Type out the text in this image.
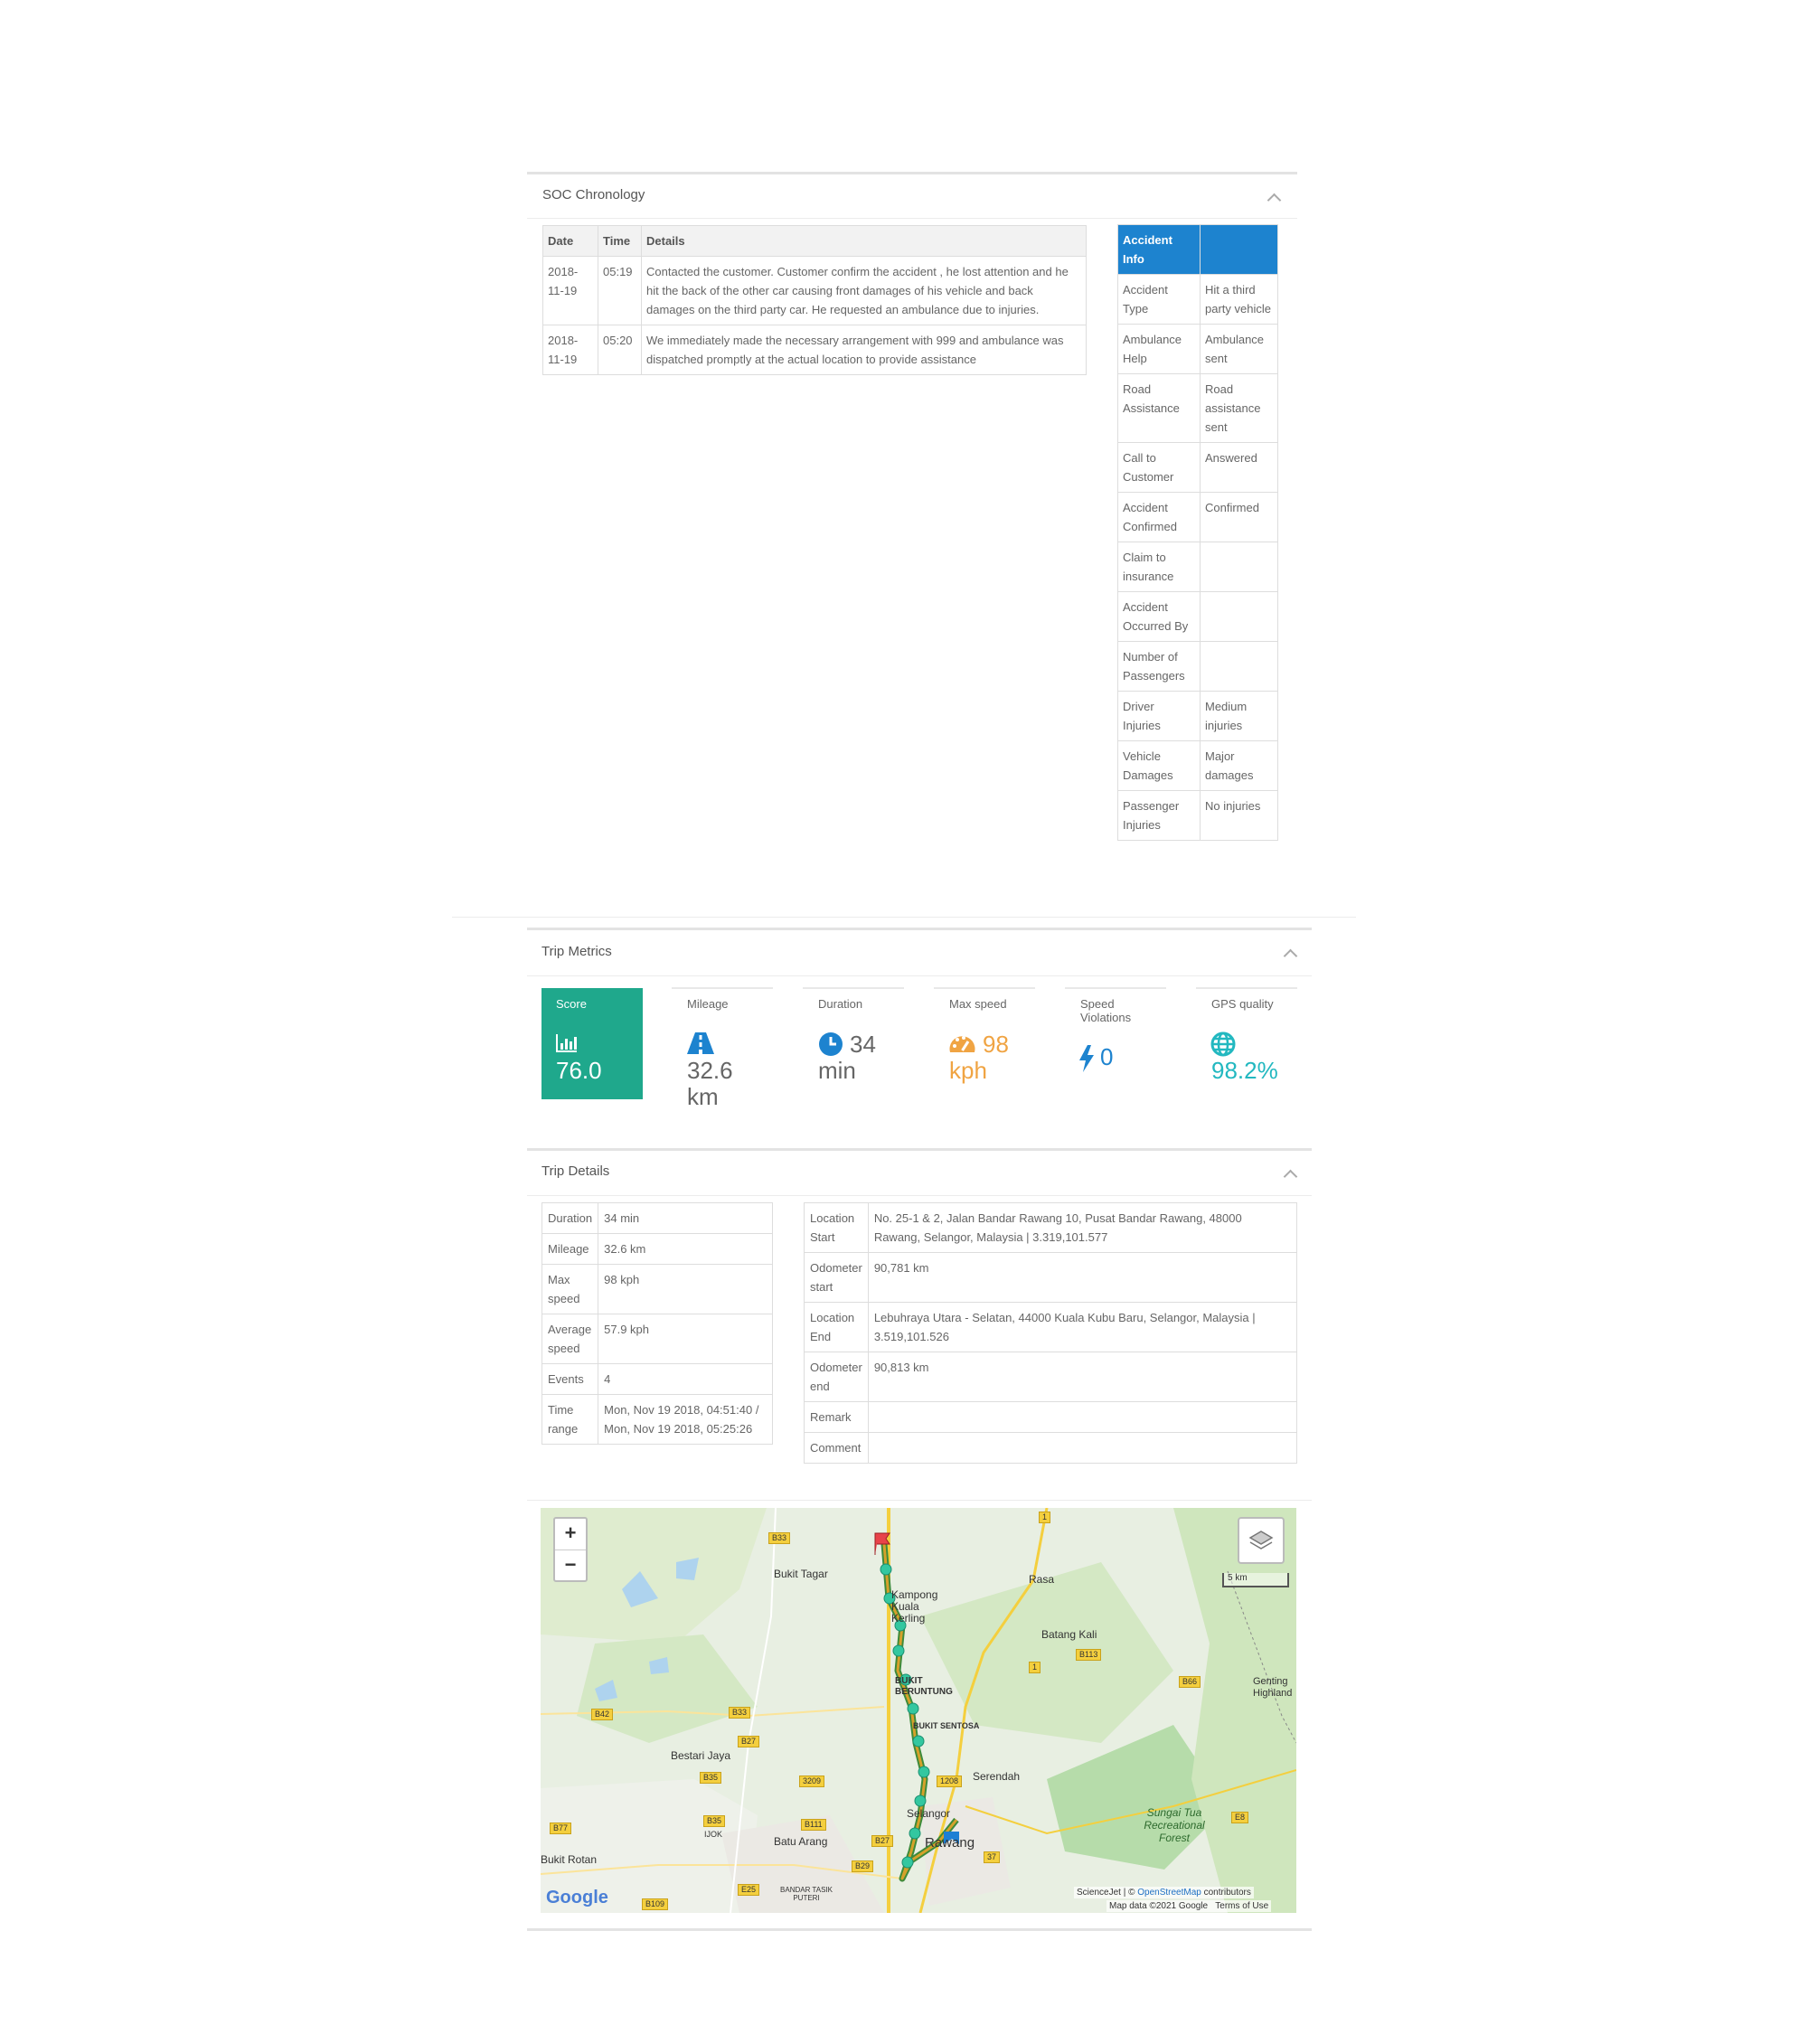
SOC Chronology
Date	Time	Details
2018-11-19	05:19	Contacted the customer. Customer confirm the accident , he lost attention and he hit the back of the other car causing front damages of his vehicle and back damages on the third party car. He requested an ambulance due to injuries.
2018-11-19	05:20	We immediately made the necessary arrangement with 999 and ambulance was dispatched promptly at the actual location to provide assistance
Accident Info	
Accident Type	Hit a third party vehicle
Ambulance Help	Ambulance sent
Road Assistance	Road assistance sent
Call to Customer	Answered
Accident Confirmed	Confirmed
Claim to insurance	
Accident Occurred By	
Number of Passengers	
Driver Injuries	Medium injuries
Vehicle Damages	Major damages
Passenger Injuries	No injuries
Trip Metrics
Score
76.0
Mileage
32.6
km
Duration
34
min
Max speed
98
kph
Speed Violations
0
GPS quality
98.2%
Trip Details
Duration	34 min
Mileage	32.6 km
Max speed	98 kph
Average speed	57.9 kph
Events	4
Time range	Mon, Nov 19 2018, 04:51:40 / Mon, Nov 19 2018, 05:25:26
Location Start	No. 25-1 & 2, Jalan Bandar Rawang 10, Pusat Bandar Rawang, 48000 Rawang, Selangor, Malaysia | 3.319,101.577
Odometer start	90,781 km
Location End	Lebuhraya Utara - Selatan, 44000 Kuala Kubu Baru, Selangor, Malaysia | 3.519,101.526
Odometer end	90,813 km
Remark	
Comment	
+
−
5 km
Bukit Tagar
Kampong Kuala Kerling
Rasa
Batang Kali
BUKIT BERUNTUNG
BUKIT SENTOSA
Bestari Jaya
Serendah
Selangor
Rawang
Bukit Rotan
Batu Arang
IJOK
BANDAR TASIK PUTERI
Sungai Tua Recreational Forest
Genting Highland
B33
B42	B33
B27
B35	3209
B77
B35	B111
B27
B29
E25
B109
1
B113
1
B66
1208
37
E8
Google	ScienceJet | © OpenStreetMap contributors
Map data ©2021 Google Terms of Use
